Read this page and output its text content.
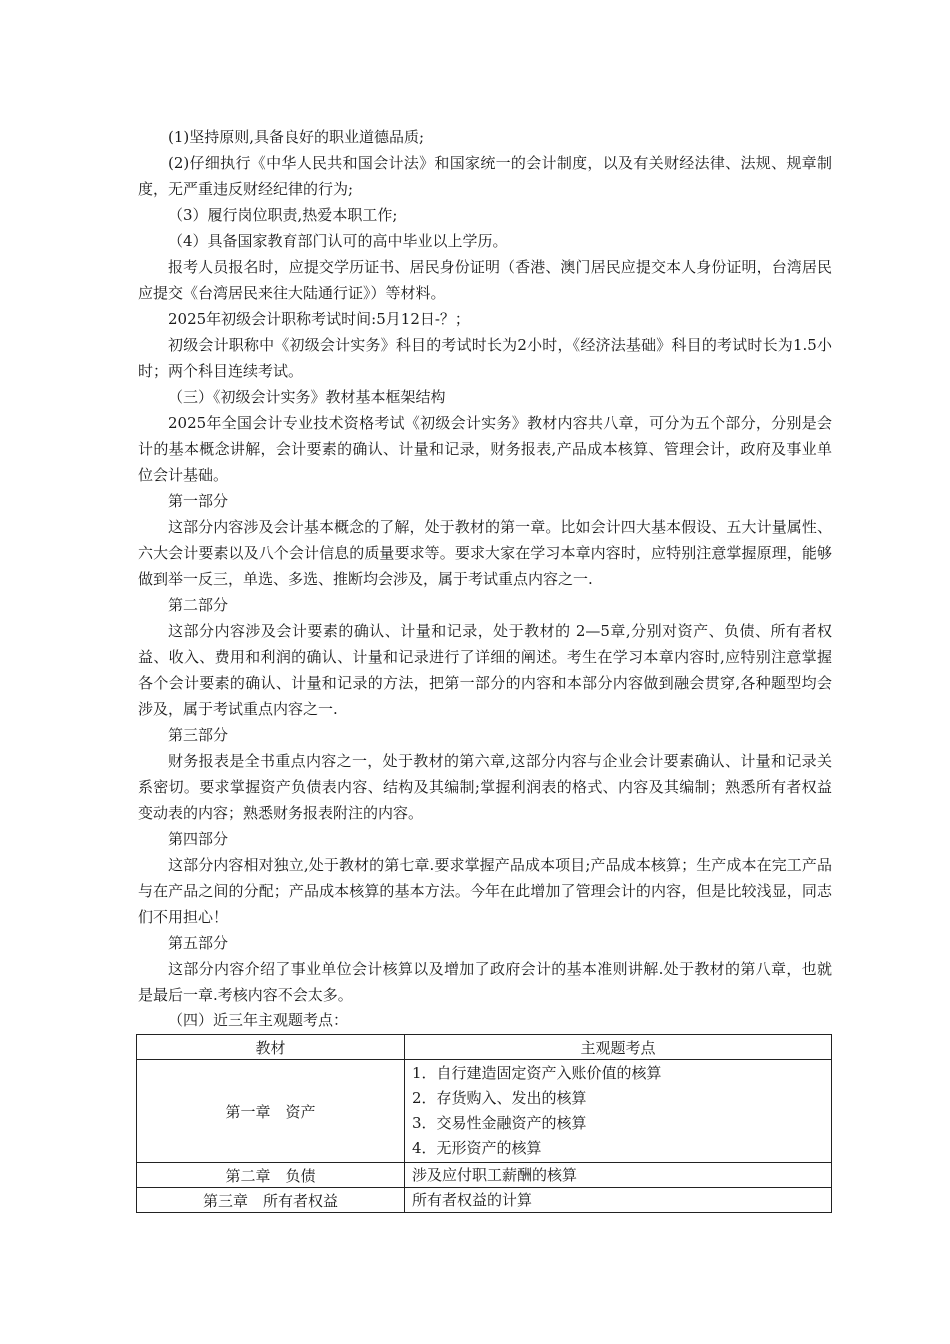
(1)坚持原则,具备良好的职业道德品质;

(2)仔细执行《中华人民共和国会计法》和国家统一的会计制度，以及有关财经法律、法规、规章制度，无严重违反财经纪律的行为;

（3）履行岗位职责,热爱本职工作;

（4）具备国家教育部门认可的高中毕业以上学历。

报考人员报名时，应提交学历证书、居民身份证明（香港、澳门居民应提交本人身份证明，台湾居民应提交《台湾居民来往大陆通行证》）等材料。

2025年初级会计职称考试时间:5月12日-？；

初级会计职称中《初级会计实务》科目的考试时长为2小时，《经济法基础》科目的考试时长为1.5小时；两个科目连续考试。

（三）《初级会计实务》教材基本框架结构

2025年全国会计专业技术资格考试《初级会计实务》教材内容共八章，可分为五个部分，分别是会计的基本概念讲解，会计要素的确认、计量和记录，财务报表,产品成本核算、管理会计，政府及事业单位会计基础。

第一部分

这部分内容涉及会计基本概念的了解，处于教材的第一章。比如会计四大基本假设、五大计量属性、六大会计要素以及八个会计信息的质量要求等。要求大家在学习本章内容时，应特别注意掌握原理，能够做到举一反三，单选、多选、推断均会涉及，属于考试重点内容之一.

第二部分

这部分内容涉及会计要素的确认、计量和记录，处于教材的 2—5章,分别对资产、负债、所有者权益、收入、费用和利润的确认、计量和记录进行了详细的阐述。考生在学习本章内容时,应特别注意掌握各个会计要素的确认、计量和记录的方法，把第一部分的内容和本部分内容做到融会贯穿,各种题型均会涉及，属于考试重点内容之一.

第三部分

财务报表是全书重点内容之一，处于教材的第六章,这部分内容与企业会计要素确认、计量和记录关系密切。要求掌握资产负债表内容、结构及其编制;掌握利润表的格式、内容及其编制；熟悉所有者权益变动表的内容；熟悉财务报表附注的内容。

第四部分

这部分内容相对独立,处于教材的第七章.要求掌握产品成本项目;产品成本核算；生产成本在完工产品与在产品之间的分配；产品成本核算的基本方法。今年在此增加了管理会计的内容，但是比较浅显，同志们不用担心！

第五部分

这部分内容介绍了事业单位会计核算以及增加了政府会计的基本准则讲解.处于教材的第八章，也就是最后一章.考核内容不会太多。

（四）近三年主观题考点：

教材	主观题考点
第一章　资产	1．自行建造固定资产入账价值的核算
2．存货购入、发出的核算
3．交易性金融资产的核算
4．无形资产的核算

第二章　负债	涉及应付职工薪酬的核算

第三章　所有者权益	所有者权益的计算
